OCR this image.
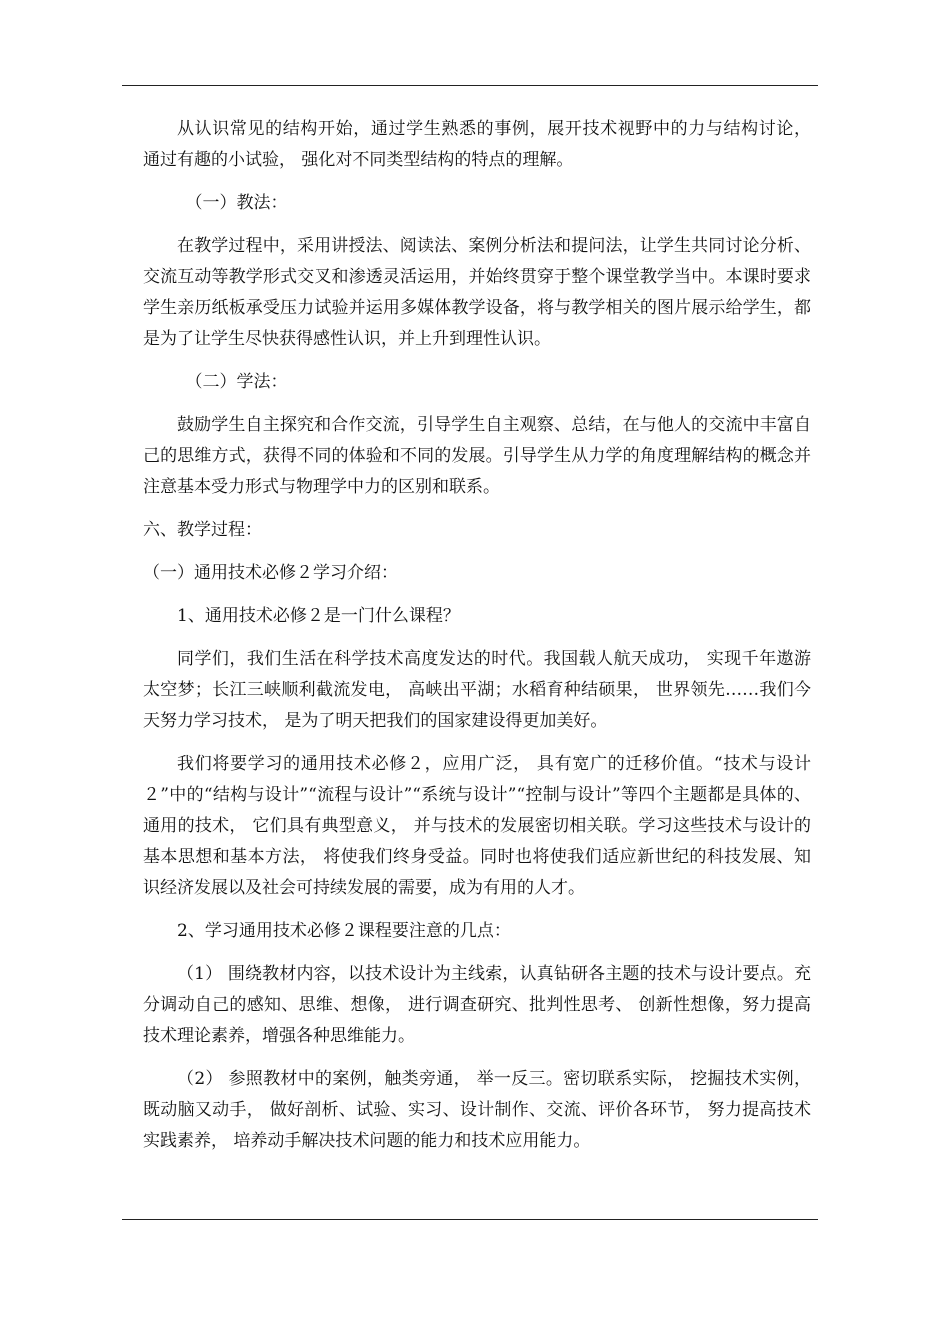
从认识常见的结构开始，通过学生熟悉的事例，展开技术视野中的力与结构讨论， 通过有趣的小试验， 强化对不同类型结构的特点的理解。

（一）教法：

在教学过程中，采用讲授法、阅读法、案例分析法和提问法，让学生共同讨论分析、交流互动等教学形式交叉和渗透灵活运用，并始终贯穿于整个课堂教学当中。本课时要求学生亲历纸板承受压力试验并运用多媒体教学设备，将与教学相关的图片展示给学生，都是为了让学生尽快获得感性认识，并上升到理性认识。

（二）学法：

鼓励学生自主探究和合作交流，引导学生自主观察、总结，在与他人的交流中丰富自己的思维方式，获得不同的体验和不同的发展。引导学生从力学的角度理解结构的概念并注意基本受力形式与物理学中力的区别和联系。

六、教学过程：

（一）通用技术必修２学习介绍：

1、通用技术必修２是一门什么课程？

同学们，我们生活在科学技术高度发达的时代。我国载人航天成功， 实现千年遨游太空梦；长江三峡顺利截流发电， 高峡出平湖；水稻育种结硕果， 世界领先……我们今天努力学习技术， 是为了明天把我们的国家建设得更加美好。

我们将要学习的通用技术必修２，应用广泛， 具有宽广的迁移价值。“技术与设计２”中的“结构与设计”“流程与设计”“系统与设计”“控制与设计”等四个主题都是具体的、通用的技术， 它们具有典型意义， 并与技术的发展密切相关联。学习这些技术与设计的基本思想和基本方法， 将使我们终身受益。同时也将使我们适应新世纪的科技发展、知识经济发展以及社会可持续发展的需要，成为有用的人才。

2、学习通用技术必修２课程要注意的几点：

（1） 围绕教材内容，以技术设计为主线索，认真钻研各主题的技术与设计要点。充分调动自己的感知、思维、想像， 进行调查研究、批判性思考、 创新性想像，努力提高技术理论素养，增强各种思维能力。

（2） 参照教材中的案例，触类旁通， 举一反三。密切联系实际， 挖掘技术实例， 既动脑又动手， 做好剖析、试验、实习、设计制作、交流、评价各环节， 努力提高技术实践素养， 培养动手解决技术问题的能力和技术应用能力。
